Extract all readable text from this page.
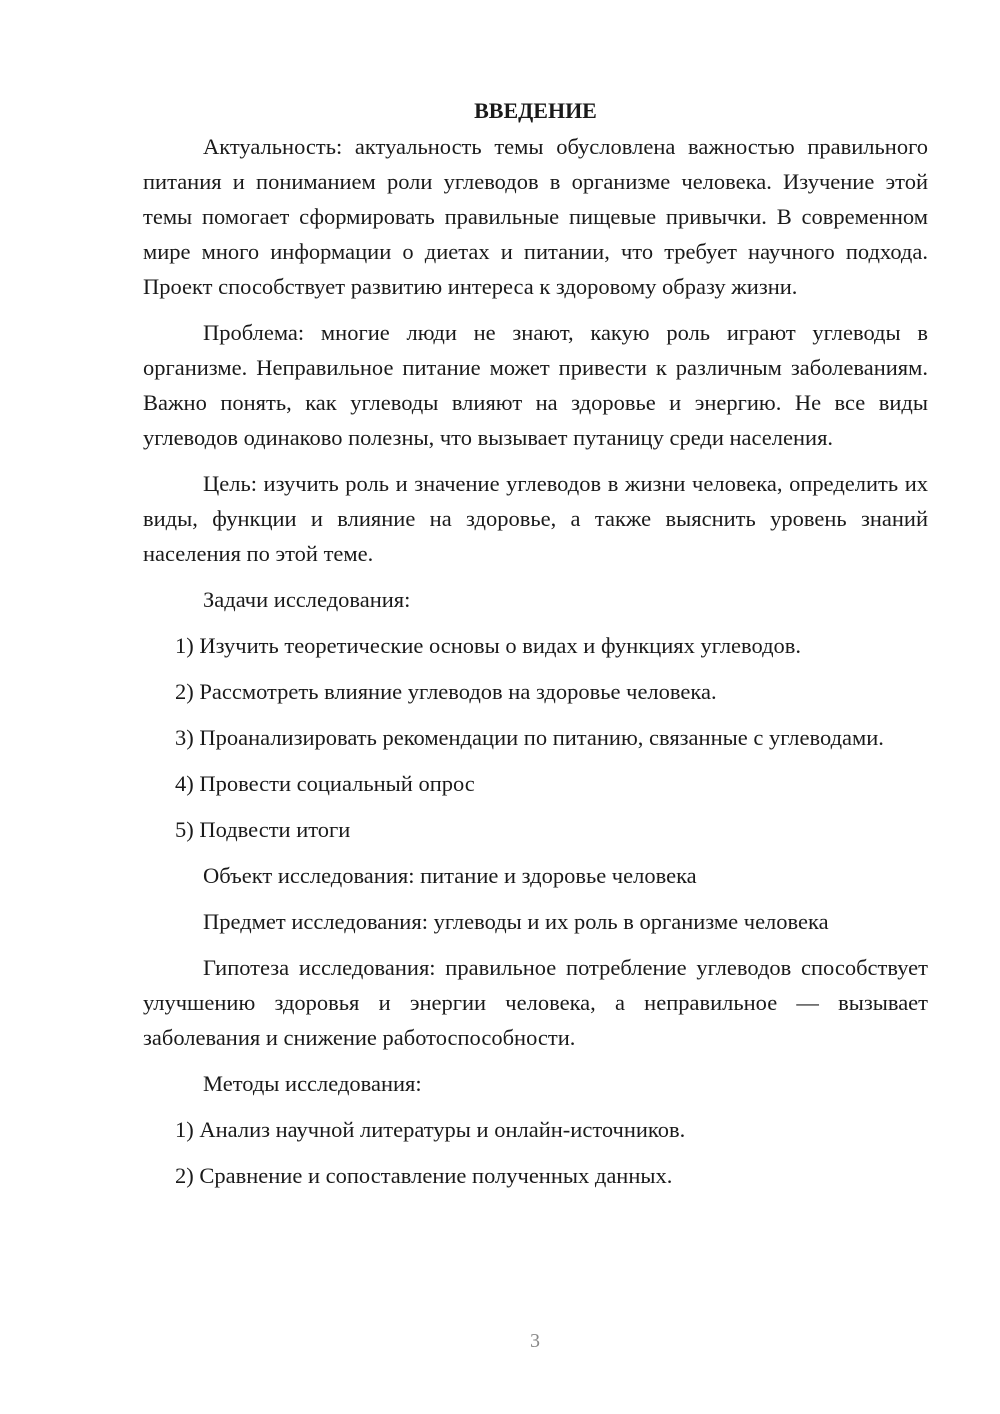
ВВЕДЕНИЕ

Актуальность: актуальность темы обусловлена важностью правильного питания и пониманием роли углеводов в организме человека. Изучение этой темы помогает сформировать правильные пищевые привычки. В современном мире много информации о диетах и питании, что требует научного подхода. Проект способствует развитию интереса к здоровому образу жизни.

Проблема: многие люди не знают, какую роль играют углеводы в организме. Неправильное питание может привести к различным заболеваниям. Важно понять, как углеводы влияют на здоровье и энергию. Не все виды углеводов одинаково полезны, что вызывает путаницу среди населения.

Цель: изучить роль и значение углеводов в жизни человека, определить их виды, функции и влияние на здоровье, а также выяснить уровень знаний населения по этой теме.

Задачи исследования:

1) Изучить теоретические основы о видах и функциях углеводов.

2) Рассмотреть влияние углеводов на здоровье человека.

3) Проанализировать рекомендации по питанию, связанные с углеводами.

4) Провести социальный опрос

5) Подвести итоги

Объект исследования: питание и здоровье человека

Предмет исследования: углеводы и их роль в организме человека

Гипотеза исследования: правильное потребление углеводов способствует улучшению здоровья и энергии человека, а неправильное — вызывает заболевания и снижение работоспособности.

Методы исследования:

1) Анализ научной литературы и онлайн-источников.

2) Сравнение и сопоставление полученных данных.

3
